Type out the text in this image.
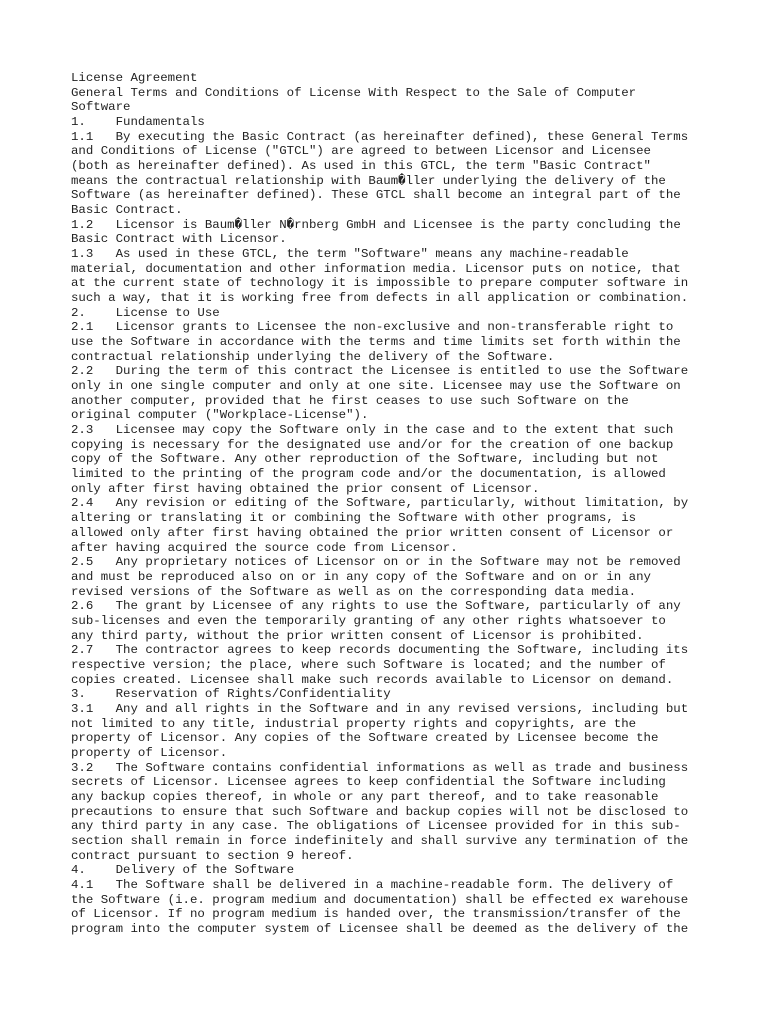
License Agreement
General Terms and Conditions of License With Respect to the Sale of Computer
Software
1.    Fundamentals
1.1   By executing the Basic Contract (as hereinafter defined), these General Terms
and Conditions of License ("GTCL") are agreed to between Licensor and Licensee
(both as hereinafter defined). As used in this GTCL, the term "Basic Contract"
means the contractual relationship with Baum�ller underlying the delivery of the
Software (as hereinafter defined). These GTCL shall become an integral part of the
Basic Contract.
1.2   Licensor is Baum�ller N�rnberg GmbH and Licensee is the party concluding the
Basic Contract with Licensor.
1.3   As used in these GTCL, the term "Software" means any machine-readable
material, documentation and other information media. Licensor puts on notice, that
at the current state of technology it is impossible to prepare computer software in
such a way, that it is working free from defects in all application or combination.
2.    License to Use
2.1   Licensor grants to Licensee the non-exclusive and non-transferable right to
use the Software in accordance with the terms and time limits set forth within the
contractual relationship underlying the delivery of the Software.
2.2   During the term of this contract the Licensee is entitled to use the Software
only in one single computer and only at one site. Licensee may use the Software on
another computer, provided that he first ceases to use such Software on the
original computer ("Workplace-License").
2.3   Licensee may copy the Software only in the case and to the extent that such
copying is necessary for the designated use and/or for the creation of one backup
copy of the Software. Any other reproduction of the Software, including but not
limited to the printing of the program code and/or the documentation, is allowed
only after first having obtained the prior consent of Licensor.
2.4   Any revision or editing of the Software, particularly, without limitation, by
altering or translating it or combining the Software with other programs, is
allowed only after first having obtained the prior written consent of Licensor or
after having acquired the source code from Licensor.
2.5   Any proprietary notices of Licensor on or in the Software may not be removed
and must be reproduced also on or in any copy of the Software and on or in any
revised versions of the Software as well as on the corresponding data media.
2.6   The grant by Licensee of any rights to use the Software, particularly of any
sub-licenses and even the temporarily granting of any other rights whatsoever to
any third party, without the prior written consent of Licensor is prohibited.
2.7   The contractor agrees to keep records documenting the Software, including its
respective version; the place, where such Software is located; and the number of
copies created. Licensee shall make such records available to Licensor on demand.
3.    Reservation of Rights/Confidentiality
3.1   Any and all rights in the Software and in any revised versions, including but
not limited to any title, industrial property rights and copyrights, are the
property of Licensor. Any copies of the Software created by Licensee become the
property of Licensor.
3.2   The Software contains confidential informations as well as trade and business
secrets of Licensor. Licensee agrees to keep confidential the Software including
any backup copies thereof, in whole or any part thereof, and to take reasonable
precautions to ensure that such Software and backup copies will not be disclosed to
any third party in any case. The obligations of Licensee provided for in this sub-
section shall remain in force indefinitely and shall survive any termination of the
contract pursuant to section 9 hereof.
4.    Delivery of the Software
4.1   The Software shall be delivered in a machine-readable form. The delivery of
the Software (i.e. program medium and documentation) shall be effected ex warehouse
of Licensor. If no program medium is handed over, the transmission/transfer of the
program into the computer system of Licensee shall be deemed as the delivery of the
